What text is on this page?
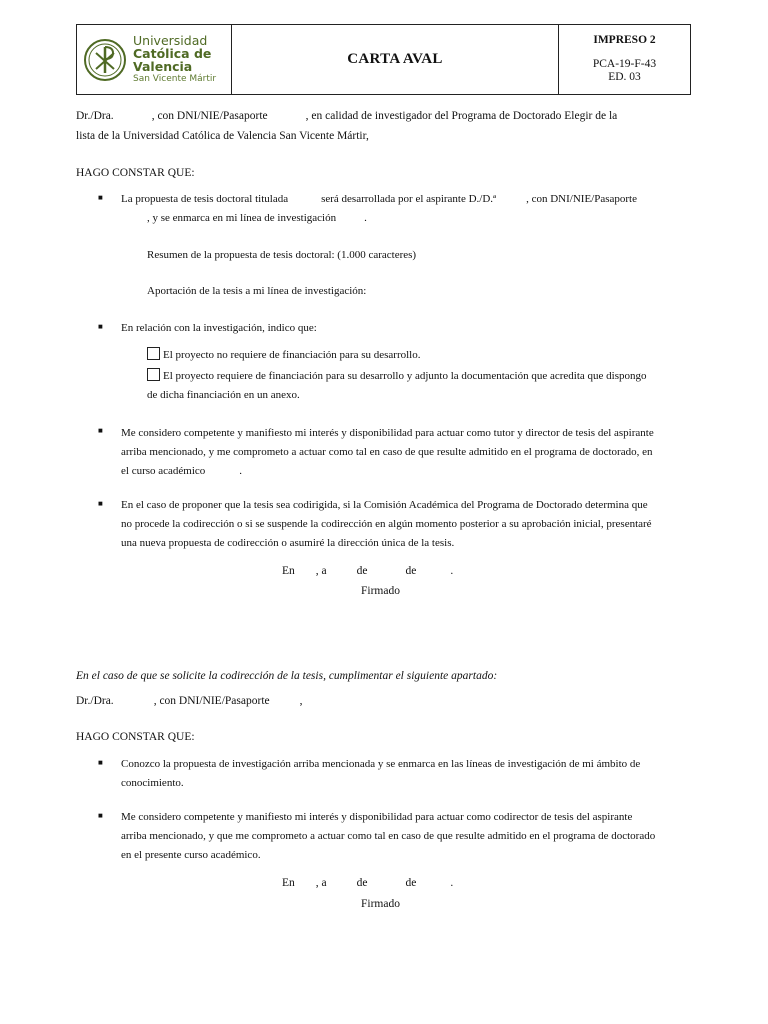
Universidad
Católica de
Valencia
San Vicente Mártir
CARTA AVAL
IMPRESO 2
PCA-19-F-43
ED. 03
Dr./Dra.	, con DNI/NIE/Pasaporte	, en calidad de investigador del Programa de Doctorado Elegir de la
lista de la Universidad Católica de Valencia San Vicente Mártir,
HAGO CONSTAR QUE:
■ La propuesta de tesis doctoral titulada	será desarrollada por el aspirante D./D.ª	, con DNI/NIE/Pasaporte
, y se enmarca en mi línea de investigación	.
Resumen de la propuesta de tesis doctoral: (1.000 caracteres)
Aportación de la tesis a mi línea de investigación:
■ En relación con la investigación, indico que:
El proyecto no requiere de financiación para su desarrollo.
El proyecto requiere de financiación para su desarrollo y adjunto la documentación que acredita que dispongo
de dicha financiación en un anexo.
■ Me considero competente y manifiesto mi interés y disponibilidad para actuar como tutor y director de tesis del aspirante
arriba mencionado, y me comprometo a actuar como tal en caso de que resulte admitido en el programa de doctorado, en
el curso académico	.
■ En el caso de proponer que la tesis sea codirigida, si la Comisión Académica del Programa de Doctorado determina que
no procede la codirección o si se suspende la codirección en algún momento posterior a su aprobación inicial, presentaré
una nueva propuesta de codirección o asumiré la dirección única de la tesis.
En , a	de	de	.
Firmado
En el caso de que se solicite la codirección de la tesis, cumplimentar el siguiente apartado:
Dr./Dra.	, con DNI/NIE/Pasaporte	,
HAGO CONSTAR QUE:
■ Conozco la propuesta de investigación arriba mencionada y se enmarca en las líneas de investigación de mi ámbito de
conocimiento.
■ Me considero competente y manifiesto mi interés y disponibilidad para actuar como codirector de tesis del aspirante
arriba mencionado, y que me comprometo a actuar como tal en caso de que resulte admitido en el programa de doctorado
en el presente curso académico.
En , a	de	de	.
Firmado
